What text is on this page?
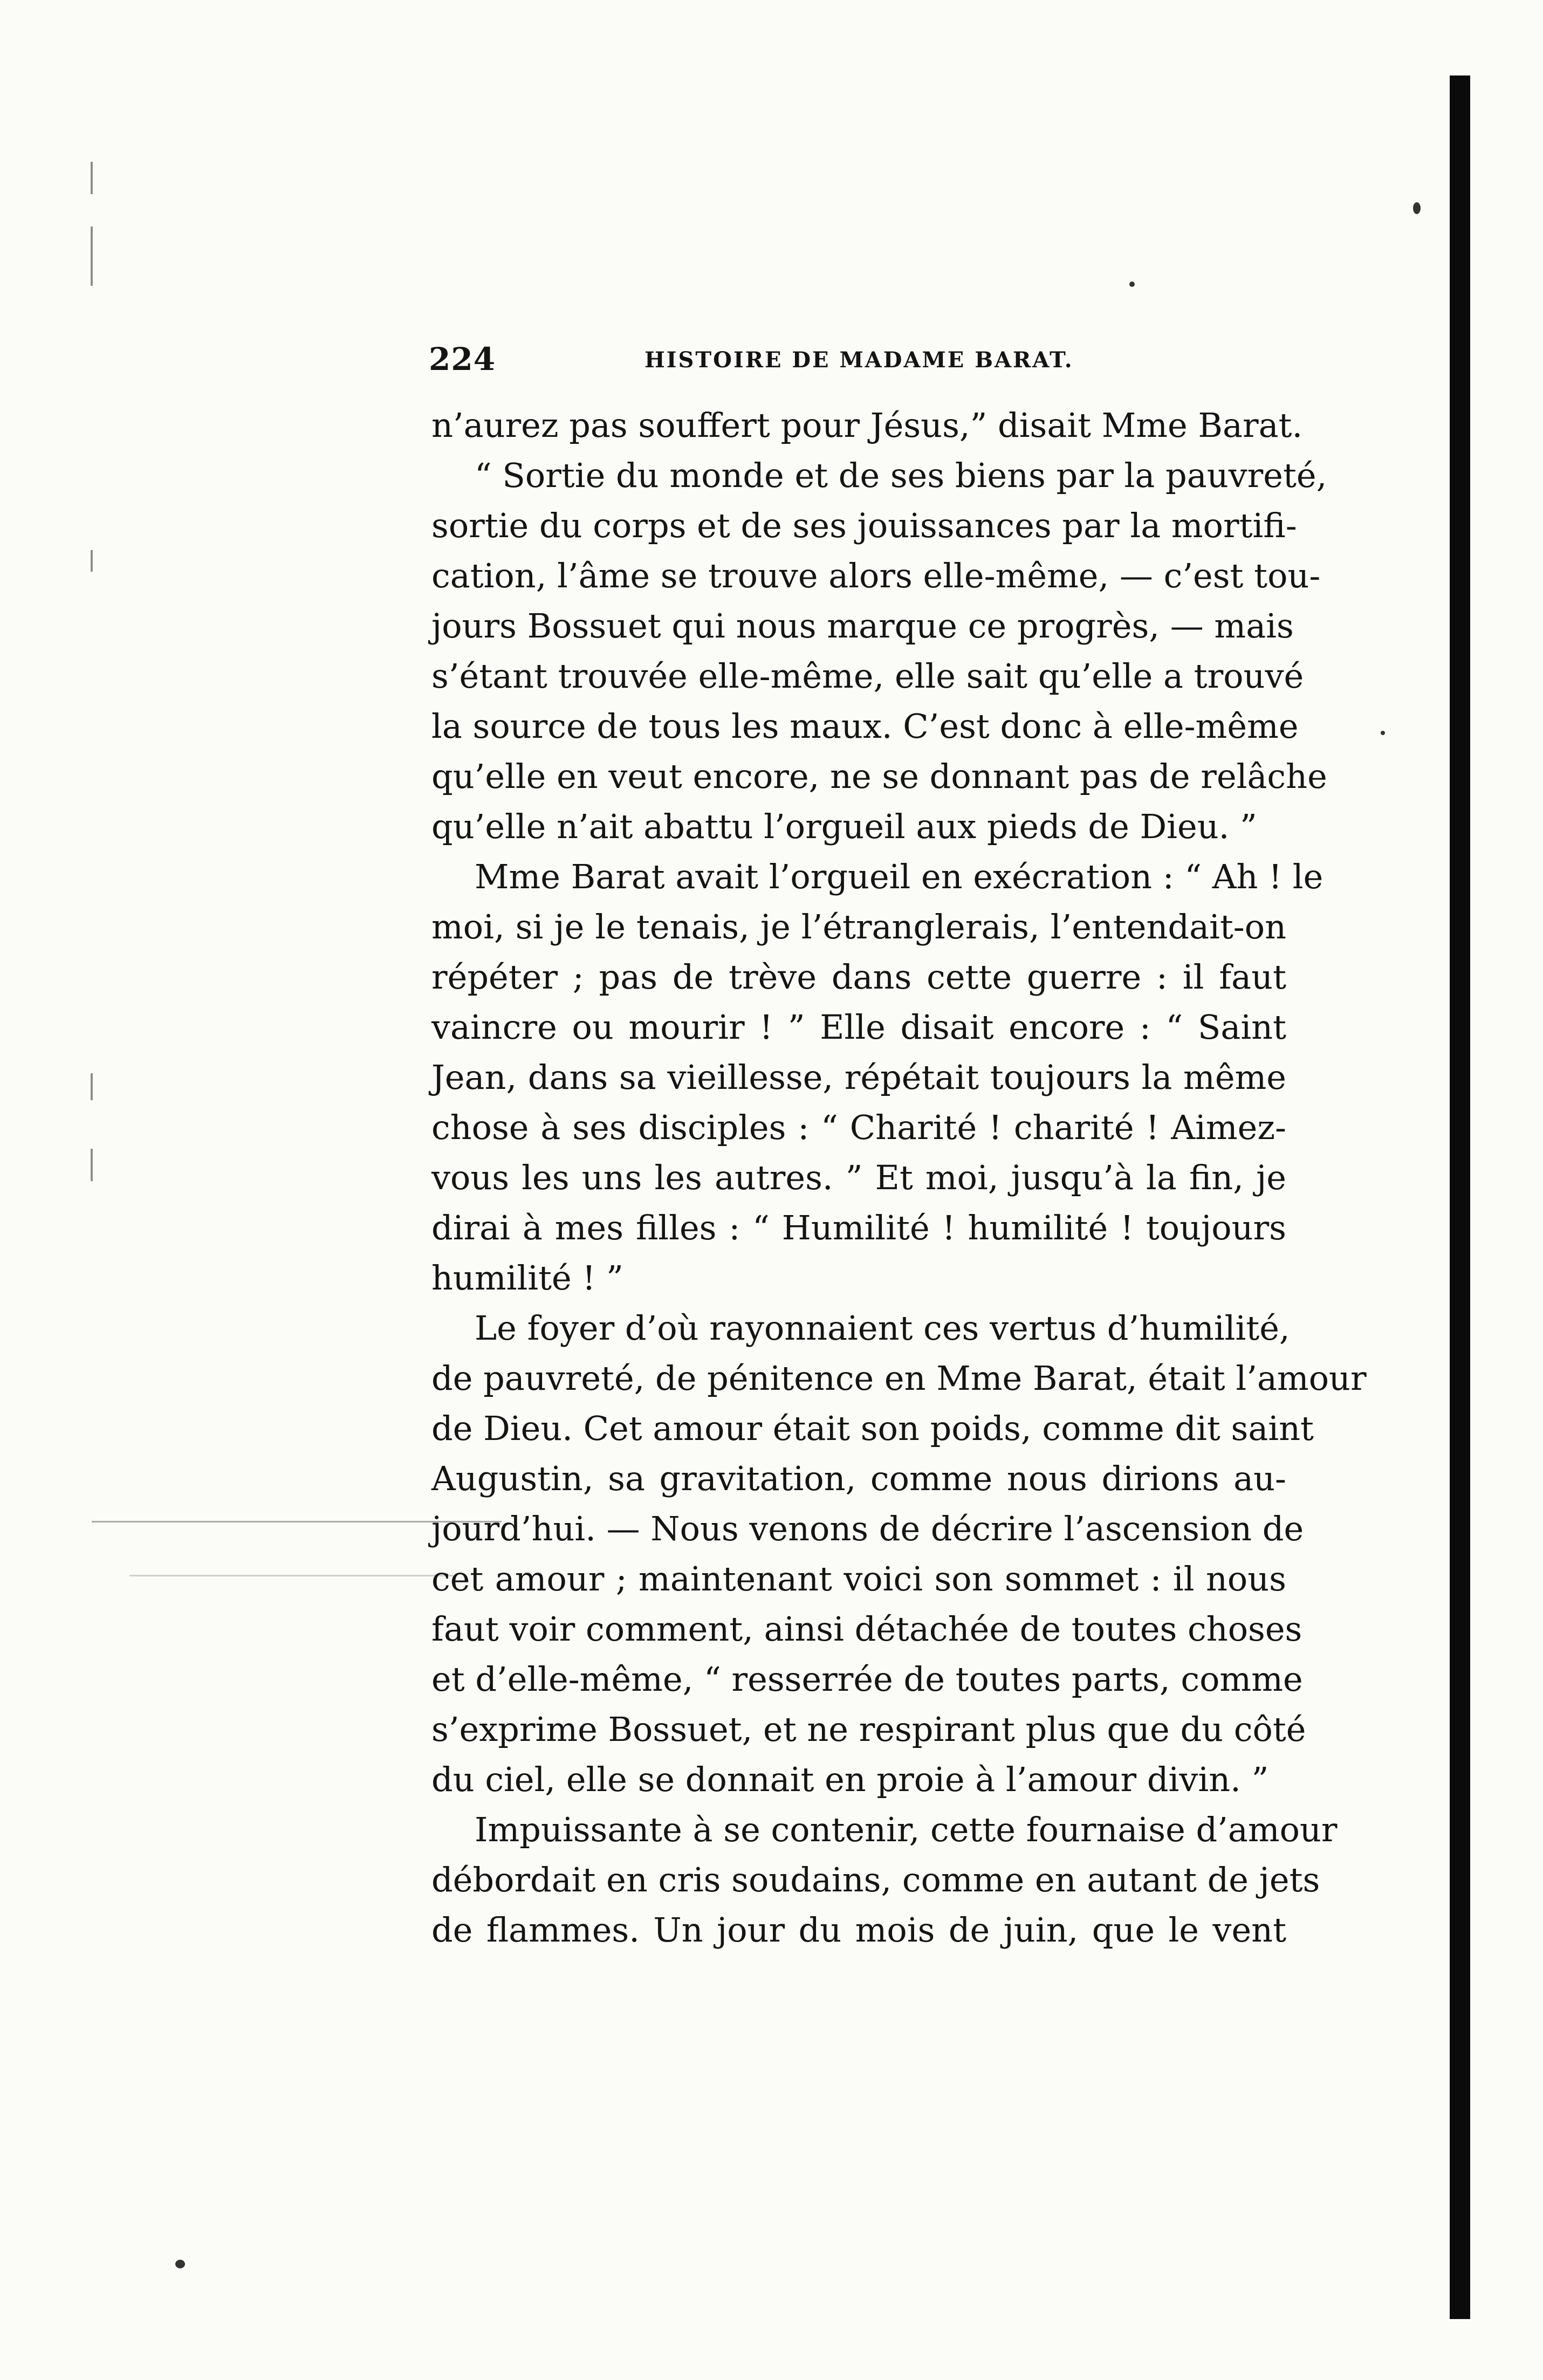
224	HISTOIRE DE MADAME BARAT.
n’aurez pas souffert pour Jésus,” disait Mme Barat.
“ Sortie du monde et de ses biens par la pauvreté,
sortie du corps et de ses jouissances par la mortifi-
cation, l’âme se trouve alors elle-même, — c’est tou-
jours Bossuet qui nous marque ce progrès, — mais
s’étant trouvée elle-même, elle sait qu’elle a trouvé
la source de tous les maux. C’est donc à elle-même
qu’elle en veut encore, ne se donnant pas de relâche
qu’elle n’ait abattu l’orgueil aux pieds de Dieu. ”
Mme Barat avait l’orgueil en exécration : “ Ah ! le
moi, si je le tenais, je l’étranglerais, l’entendait-on
répéter ; pas de trève dans cette guerre : il faut
vaincre ou mourir ! ” Elle disait encore : “ Saint
Jean, dans sa vieillesse, répétait toujours la même
chose à ses disciples : “ Charité ! charité ! Aimez-
vous les uns les autres. ” Et moi, jusqu’à la fin, je
dirai à mes filles : “ Humilité ! humilité ! toujours
humilité ! ”
Le foyer d’où rayonnaient ces vertus d’humilité,
de pauvreté, de pénitence en Mme Barat, était l’amour
de Dieu. Cet amour était son poids, comme dit saint
Augustin, sa gravitation, comme nous dirions au-
jourd’hui. — Nous venons de décrire l’ascension de
cet amour ; maintenant voici son sommet : il nous
faut voir comment, ainsi détachée de toutes choses
et d’elle-même, “ resserrée de toutes parts, comme
s’exprime Bossuet, et ne respirant plus que du côté
du ciel, elle se donnait en proie à l’amour divin. ”
Impuissante à se contenir, cette fournaise d’amour
débordait en cris soudains, comme en autant de jets
de flammes. Un jour du mois de juin, que le vent
